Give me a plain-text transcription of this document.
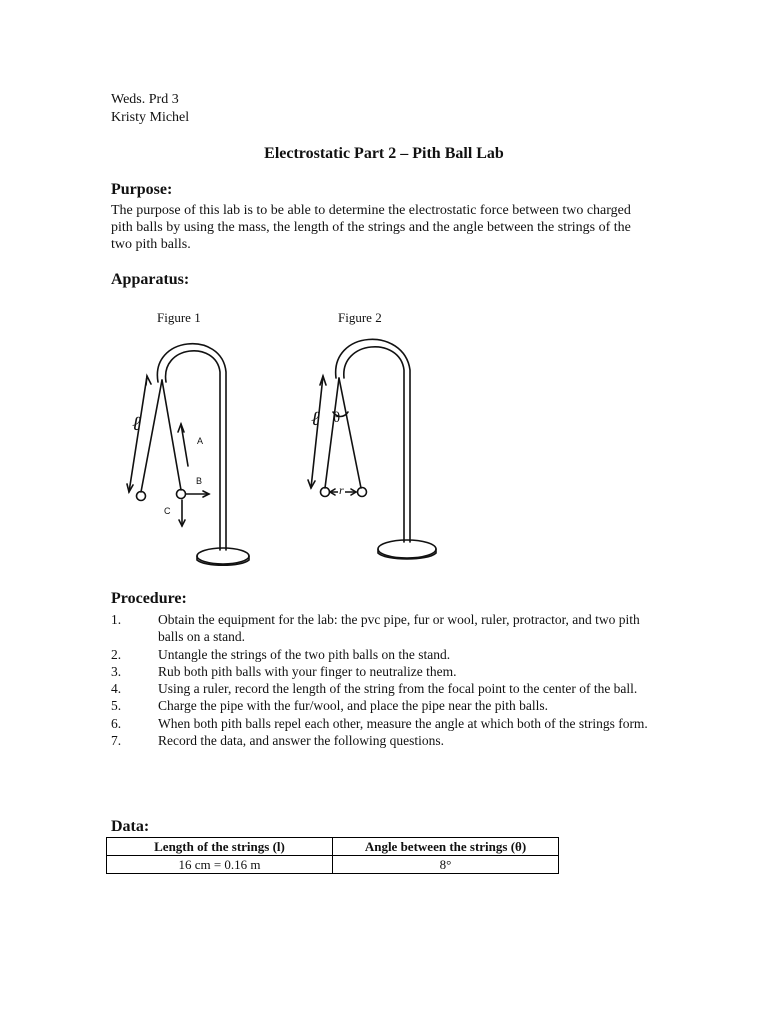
Weds. Prd 3
Kristy Michel
Electrostatic Part 2 – Pith Ball Lab
Purpose:
The purpose of this lab is to be able to determine the electrostatic force between two charged pith balls by using the mass, the length of the strings and the angle between the strings of the two pith balls.
Apparatus:
Figure 1	Figure 2
ℓ
A
B
C
ℓ θ
r
Procedure:
1.	Obtain the equipment for the lab: the pvc pipe, fur or wool, ruler, protractor, and two pith balls on a stand.
2.	Untangle the strings of the two pith balls on the stand.
3.	Rub both pith balls with your finger to neutralize them.
4.	Using a ruler, record the length of the string from the focal point to the center of the ball.
5.	Charge the pipe with the fur/wool, and place the pipe near the pith balls.
6.	When both pith balls repel each other, measure the angle at which both of the strings form.
7.	Record the data, and answer the following questions.
Data:
Length of the strings (l)	Angle between the strings (θ)
16 cm = 0.16 m	8°
